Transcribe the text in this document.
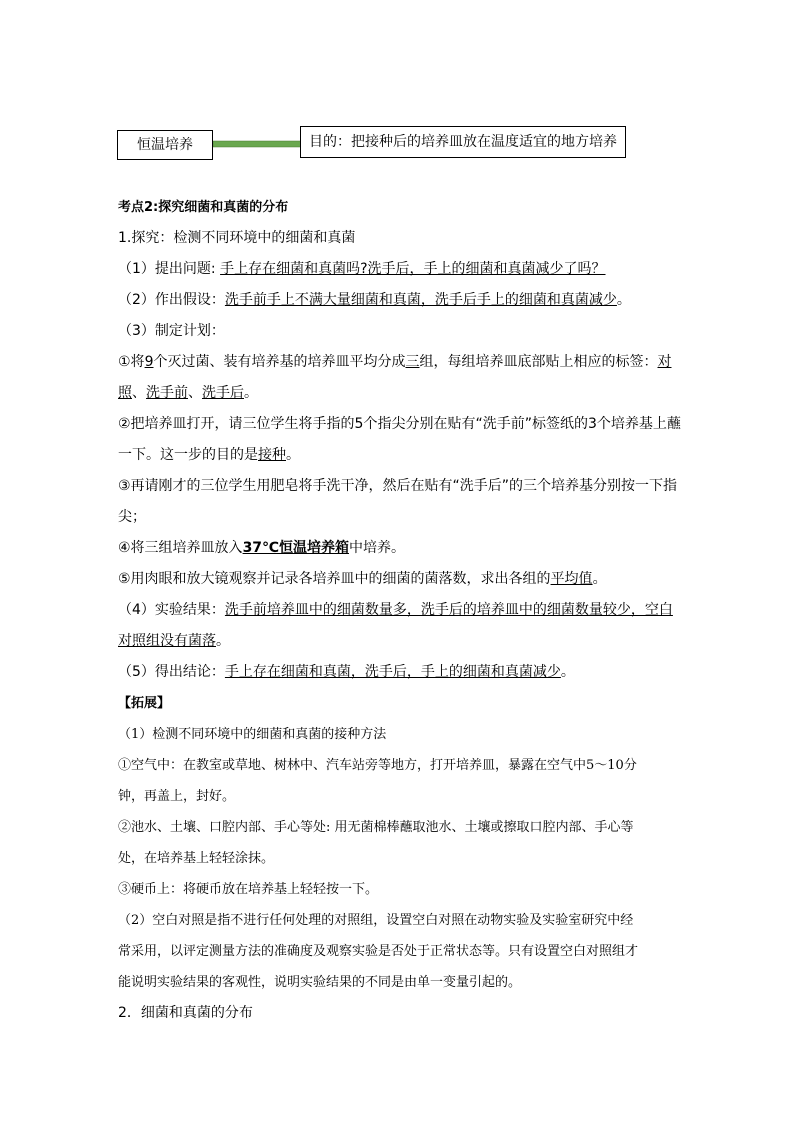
恒温培养	目的：把接种后的培养皿放在温度适宜的地方培养
考点2:探究细菌和真菌的分布
1.探究：检测不同环境中的细菌和真菌
（1）提出问题: 手上存在细菌和真菌吗?洗手后，手上的细菌和真菌减少了吗？
（2）作出假设：洗手前手上不满大量细菌和真菌，洗手后手上的细菌和真菌减少。
（3）制定计划：
①将9个灭过菌、装有培养基的培养皿平均分成三组，每组培养皿底部贴上相应的标签：对
照、洗手前、洗手后。
②把培养皿打开，请三位学生将手指的5个指尖分别在贴有“洗手前”标签纸的3个培养基上蘸
一下。这一步的目的是接种。
③再请刚才的三位学生用肥皂将手洗干净，然后在贴有“洗手后”的三个培养基分别按一下指
尖；
④将三组培养皿放入37℃恒温培养箱中培养。
⑤用肉眼和放大镜观察并记录各培养皿中的细菌的菌落数，求出各组的平均值。
（4）实验结果：洗手前培养皿中的细菌数量多，洗手后的培养皿中的细菌数量较少，空白
对照组没有菌落。
（5）得出结论：手上存在细菌和真菌，洗手后，手上的细菌和真菌减少。
【拓展】
（1）检测不同环境中的细菌和真菌的接种方法
①空气中：在教室或草地、树林中、汽车站旁等地方，打开培养皿，暴露在空气中5～10分
钟，再盖上，封好。
②池水、土壤、口腔内部、手心等处: 用无菌棉棒蘸取池水、土壤或擦取口腔内部、手心等
处，在培养基上轻轻涂抹。
③硬币上：将硬币放在培养基上轻轻按一下。
（2）空白对照是指不进行任何处理的对照组，设置空白对照在动物实验及实验室研究中经
常采用，以评定测量方法的准确度及观察实验是否处于正常状态等。只有设置空白对照组才
能说明实验结果的客观性，说明实验结果的不同是由单一变量引起的。
2．细菌和真菌的分布
